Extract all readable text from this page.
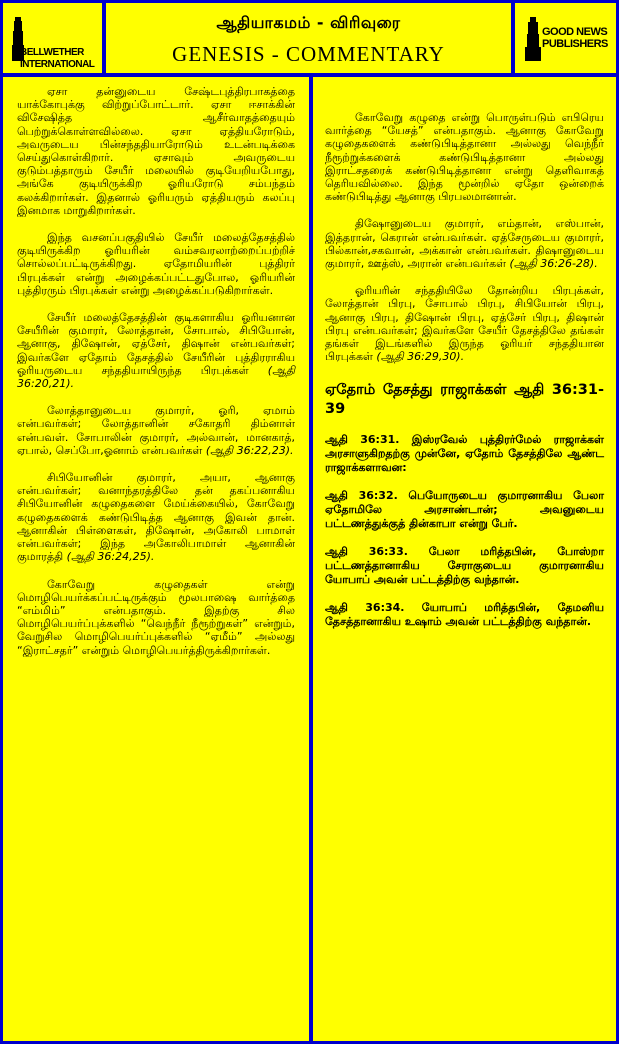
BELLWETHER INTERNATIONAL
ஆதியாகமம் - விரிவுரை
GENESIS - COMMENTARY
GOOD NEWS PUBLISHERS

ஏசா தன்னுடைய சேஷ்டபுத்திரபாகத்தை யாக்கோபுக்கு விற்றுப்போட்டார். ஏசா ஈசாக்கின் விசேஷித்த ஆசீர்வாதத்தையும் பெற்றுக்கொள்ளவில்லை. ஏசா ஏத்தியரோடும், அவருடைய பின்சந்ததியாரோடும் உடன்படிக்கை செய்துகொள்கிறார். ஏசாவும் அவருடைய குடும்பத்தாரும் சேயீர் மலையில் குடியேறியபோது, அங்கே குடியிருக்கிற ஓரியரோடு சம்பந்தம் கலக்கிறார்கள். இதனால் ஓரியரும் ஏத்தியரும் கலப்பு இனமாக மாறுகிறார்கள்.

இந்த வசனப்பகுதியில் சேயீர் மலைத்தேசத்தில் குடியிருக்கிற ஓரியரின் வம்சவரலாற்றைப்பற்றிச் சொல்லப்பட்டிருக்கிறது. ஏதோமியரின் புத்திரர் பிரபுக்கள் என்று அழைக்கப்பட்டதுபோல, ஓரியரின் புத்திரரும் பிரபுக்கள் என்று அழைக்கப்படுகிறார்கள்.

சேயீர் மலைத்தேசத்தின் குடிகளாகிய ஓரியனான சேயீரின் குமாரர், லோத்தான், சோபால், சிபியோன், ஆனாகு, திஷோன், ஏத்சேர், திஷான் என்பவர்கள்; இவர்களே ஏதோம் தேசத்தில் சேயீரின் புத்திரராகிய ஓரியருடைய சந்ததியாயிருந்த பிரபுக்கள் (ஆதி 36:20,21).

லோத்தானுடைய குமாரர், ஓரி, ஏமாம் என்பவர்கள்; லோத்தானின் சகோதரி திம்னாள் என்பவள். சோபாலின் குமாரர், அல்வான், மானகாத், ஏபால், செப்போ,ஓனாம் என்பவர்கள் (ஆதி 36:22,23).

சிபியோனின் குமாரர், அயா, ஆனாகு என்பவர்கள்; வனாந்தரத்திலே தன் தகப்பனாகிய சிபியோனின் கழுதைகளை மேய்க்கையில், கோவேறு கழுதைகளைக் கண்டுபிடித்த ஆனாகு இவன் தான். ஆனாகின் பிள்ளைகள், திஷோன், அகோலி பாமாள் என்பவர்கள்; இந்த அகோலிபாமாள் ஆனாகின் குமாரத்தி (ஆதி 36:24,25).

கோவேறு கழுதைகள் என்று மொழிபெயர்க்கப்பட்டிருக்கும் மூலபாஷை வார்த்தை “எம்மிம்” என்பதாகும். இதற்கு சில மொழிபெயர்ப்புக்களில் “வெந்நீர் நீரூற்றுகள்” என்றும், வேறுசில மொழிபெயர்ப்புக்களில் “ஏமீம்” அல்லது “இராட்சதர்” என்றும் மொழிபெயர்த்திருக்கிறார்கள்.

கோவேறு கழுதை என்று பொருள்படும் எபிரெய வார்த்தை “யேசத்” என்பதாகும். ஆனாகு கோவேறு கழுதைகளைக் கண்டுபிடித்தானா அல்லது வெந்நீர் நீரூற்றுக்களைக் கண்டுபிடித்தானா அல்லது இராட்சதரைக் கண்டுபிடித்தானா என்று தெளிவாகத் தெரியவில்லை. இந்த மூன்றில் ஏதோ ஒன்றைக் கண்டுபிடித்து ஆனாகு பிரபலமானான்.

திஷோனுடைய குமாரர், எம்தான், எஸ்பான், இத்தரான், கெரான் என்பவர்கள். ஏத்சேருடைய குமாரர், பில்கான்,சகவான், அக்கான் என்பவர்கள். திஷானுடைய குமாரர், ஊத்ஸ், அரான் என்பவர்கள் (ஆதி 36:26-28).

ஓரியரின் சந்ததியிலே தோன்றிய பிரபுக்கள், லோத்தான் பிரபு, சோபால் பிரபு, சிபியோன் பிரபு, ஆனாகு பிரபு, திஷோன் பிரபு, ஏத்சேர் பிரபு, திஷான் பிரபு என்பவர்கள்; இவர்களே சேயீர் தேசத்திலே தங்கள் தங்கள் இடங்களில் இருந்த ஓரியர் சந்ததியான பிரபுக்கள் (ஆதி 36:29,30).

ஏதோம் தேசத்து ராஜாக்கள் ஆதி 36:31-39

ஆதி 36:31. இஸ்ரவேல் புத்திரர்மேல் ராஜாக்கள் அரசாளுகிறதற்கு முன்னே, ஏதோம் தேசத்திலே ஆண்ட ராஜாக்களாவன:

ஆதி 36:32. பெயோருடைய குமாரனாகிய பேலா ஏதோமிலே அரசாண்டான்; அவனுடைய பட்டணத்துக்குத் தின்காபா என்று பேர்.

ஆதி 36:33. பேலா மரித்தபின், போஸ்றா பட்டணத்தானாகிய சேராகுடைய குமாரனாகிய யோபாப் அவன் பட்டத்திற்கு வந்தான்.

ஆதி 36:34. யோபாப் மரித்தபின், தேமனிய தேசத்தானாகிய உஷாம் அவன் பட்டத்திற்கு வந்தான்.
